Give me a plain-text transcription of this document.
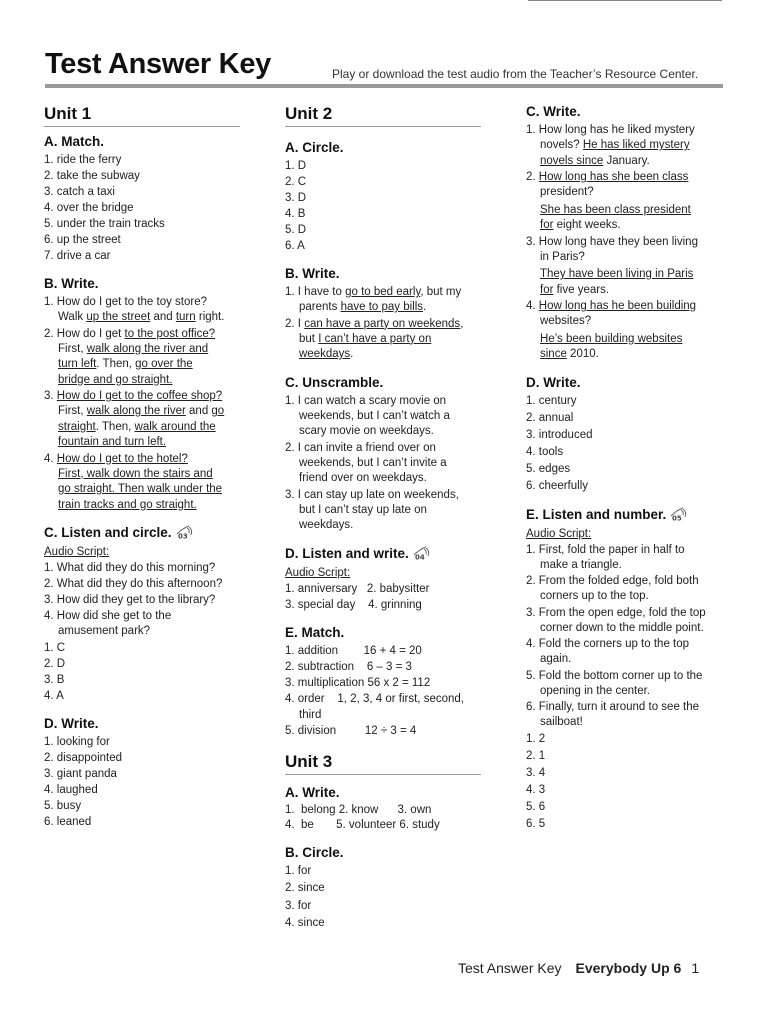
Test Answer Key	Play or download the test audio from the Teacher’s Resource Center.
Unit 1
A. Match.
1. ride the ferry
2. take the subway
3. catch a taxi
4. over the bridge
5. under the train tracks
6. up the street
7. drive a car
B. Write.
1. How do I get to the toy store?
Walk up the street and turn right.
2. How do I get to the post office?
First, walk along the river and
turn left. Then, go over the
bridge and go straight.
3. How do I get to the coffee shop?
First, walk along the river and go
straight. Then, walk around the
fountain and turn left.
4. How do I get to the hotel?
First, walk down the stairs and
go straight. Then walk under the
train tracks and go straight.
C. Listen and circle. 03
Audio Script:
1. What did they do this morning?
2. What did they do this afternoon?
3. How did they get to the library?
4. How did she get to the
amusement park?
1. C
2. D
3. B
4. A
D. Write.
1. looking for
2. disappointed
3. giant panda
4. laughed
5. busy
6. leaned
Unit 2
A. Circle.
1. D
2. C
3. D
4. B
5. D
6. A
B. Write.
1. I have to go to bed early, but my
parents have to pay bills.
2. I can have a party on weekends,
but I can’t have a party on
weekdays.
C. Unscramble.
1. I can watch a scary movie on
weekends, but I can’t watch a
scary movie on weekdays.
2. I can invite a friend over on
weekends, but I can’t invite a
friend over on weekdays.
3. I can stay up late on weekends,
but I can’t stay up late on
weekdays.
D. Listen and write. 04
Audio Script:
1. anniversary   2. babysitter
3. special day    4. grinning
E. Match.
1. addition        16 + 4 = 20
2. subtraction    6 – 3 = 3
3. multiplication 56 x 2 = 112
4. order    1, 2, 3, 4 or first, second,
third
5. division         12 ÷ 3 = 4
Unit 3
A. Write.
1.  belong 2. know      3. own
4.  be       5. volunteer 6. study
B. Circle.
1. for
2. since
3. for
4. since
C. Write.
1. How long has he liked mystery
novels? He has liked mystery
novels since January.
2. How long has she been class
president?
She has been class president
for eight weeks.
3. How long have they been living
in Paris?
They have been living in Paris
for five years.
4. How long has he been building
websites?
He’s been building websites
since 2010.
D. Write.
1. century
2. annual
3. introduced
4. tools
5. edges
6. cheerfully
E. Listen and number. 05
Audio Script:
1. First, fold the paper in half to
make a triangle.
2. From the folded edge, fold both
corners up to the top.
3. From the open edge, fold the top
corner down to the middle point.
4. Fold the corners up to the top
again.
5. Fold the bottom corner up to the
opening in the center.
6. Finally, turn it around to see the
sailboat!
1. 2
2. 1
3. 4
4. 3
5. 6
6. 5
Test Answer Key Everybody Up 6 1
